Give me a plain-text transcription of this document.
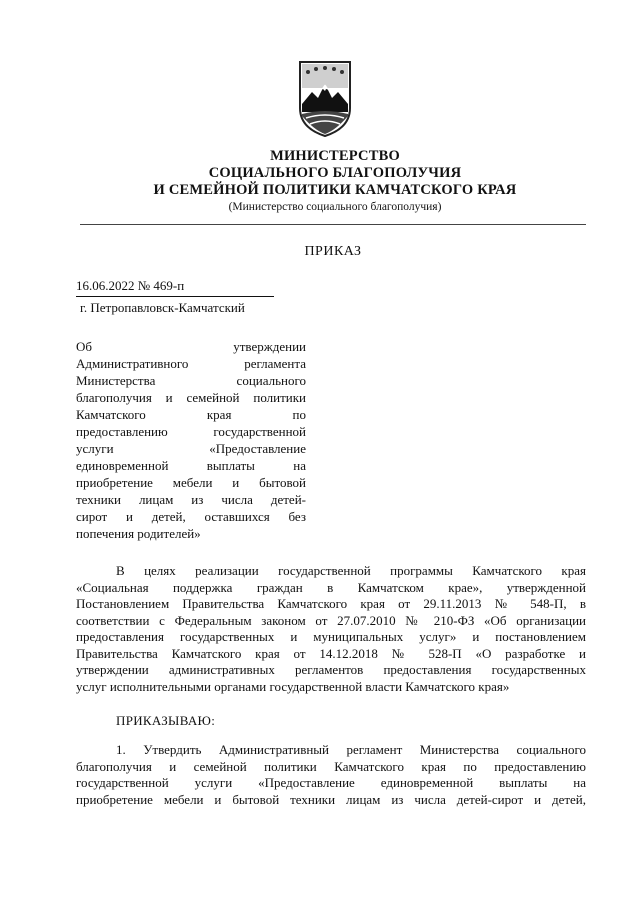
МИНИСТЕРСТВО
СОЦИАЛЬНОГО БЛАГОПОЛУЧИЯ
И СЕМЕЙНОЙ ПОЛИТИКИ КАМЧАТСКОГО КРАЯ
(Министерство социального благополучия)
ПРИКАЗ
16.06.2022 № 469-п
г. Петропавловск-Камчатский
Об утверждении
Административного регламента
Министерства социального
благополучия и семейной политики
Камчатского края по
предоставлению государственной
услуги «Предоставление
единовременной выплаты на
приобретение мебели и бытовой
техники лицам из числа детей-
сирот и детей, оставшихся без
попечения родителей»
В целях реализации государственной программы Камчатского края
«Социальная поддержка граждан в Камчатском крае», утвержденной
Постановлением Правительства Камчатского края от 29.11.2013 № 548-П, в
соответствии с Федеральным законом от 27.07.2010 № 210-ФЗ «Об организации
предоставления государственных и муниципальных услуг» и постановлением
Правительства Камчатского края от 14.12.2018 № 528-П «О разработке и
утверждении административных регламентов предоставления государственных
услуг исполнительными органами государственной власти Камчатского края»
ПРИКАЗЫВАЮ:
1. Утвердить Административный регламент Министерства социального
благополучия и семейной политики Камчатского края по предоставлению
государственной услуги «Предоставление единовременной выплаты на
приобретение мебели и бытовой техники лицам из числа детей-сирот и детей,
